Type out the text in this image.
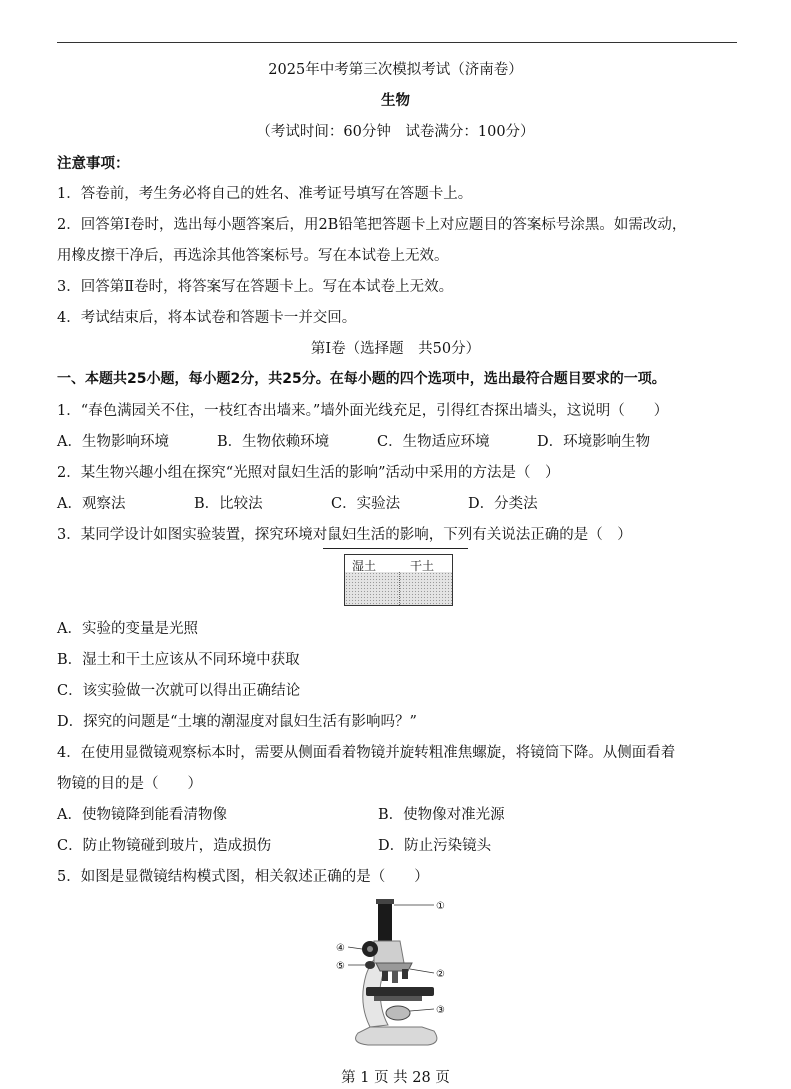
2025年中考第三次模拟考试（济南卷）
生物
（考试时间：60分钟　试卷满分：100分）
注意事项：
1．答卷前，考生务必将自己的姓名、准考证号填写在答题卡上。
2．回答第Ⅰ卷时，选出每小题答案后，用2B铅笔把答题卡上对应题目的答案标号涂黑。如需改动，
用橡皮擦干净后，再选涂其他答案标号。写在本试卷上无效。
3．回答第Ⅱ卷时，将答案写在答题卡上。写在本试卷上无效。
4．考试结束后，将本试卷和答题卡一并交回。
第Ⅰ卷（选择题　共50分）
一、本题共25小题，每小题2分，共25分。在每小题的四个选项中，选出最符合题目要求的一项。
1．“春色满园关不住，一枝红杏出墙来。”墙外面光线充足，引得红杏探出墙头，这说明（　　）
A．生物影响环境	B．生物依赖环境	C．生物适应环境	D．环境影响生物
2．某生物兴趣小组在探究“光照对鼠妇生活的影响”活动中采用的方法是（　）
A．观察法	B．比较法	C．实验法	D．分类法
3．某同学设计如图实验装置，探究环境对鼠妇生活的影响，下列有关说法正确的是（　）
湿土	干土
A．实验的变量是光照
B．湿土和干土应该从不同环境中获取
C．该实验做一次就可以得出正确结论
D．探究的问题是“土壤的潮湿度对鼠妇生活有影响吗？”
4．在使用显微镜观察标本时，需要从侧面看着物镜并旋转粗准焦螺旋，将镜筒下降。从侧面看着
物镜的目的是（　　）
A．使物镜降到能看清物像	B．使物像对准光源
C．防止物镜碰到玻片，造成损伤	D．防止污染镜头
5．如图是显微镜结构模式图，相关叙述正确的是（　　）
①
②
③
④
⑤
第 1 页 共 28 页
